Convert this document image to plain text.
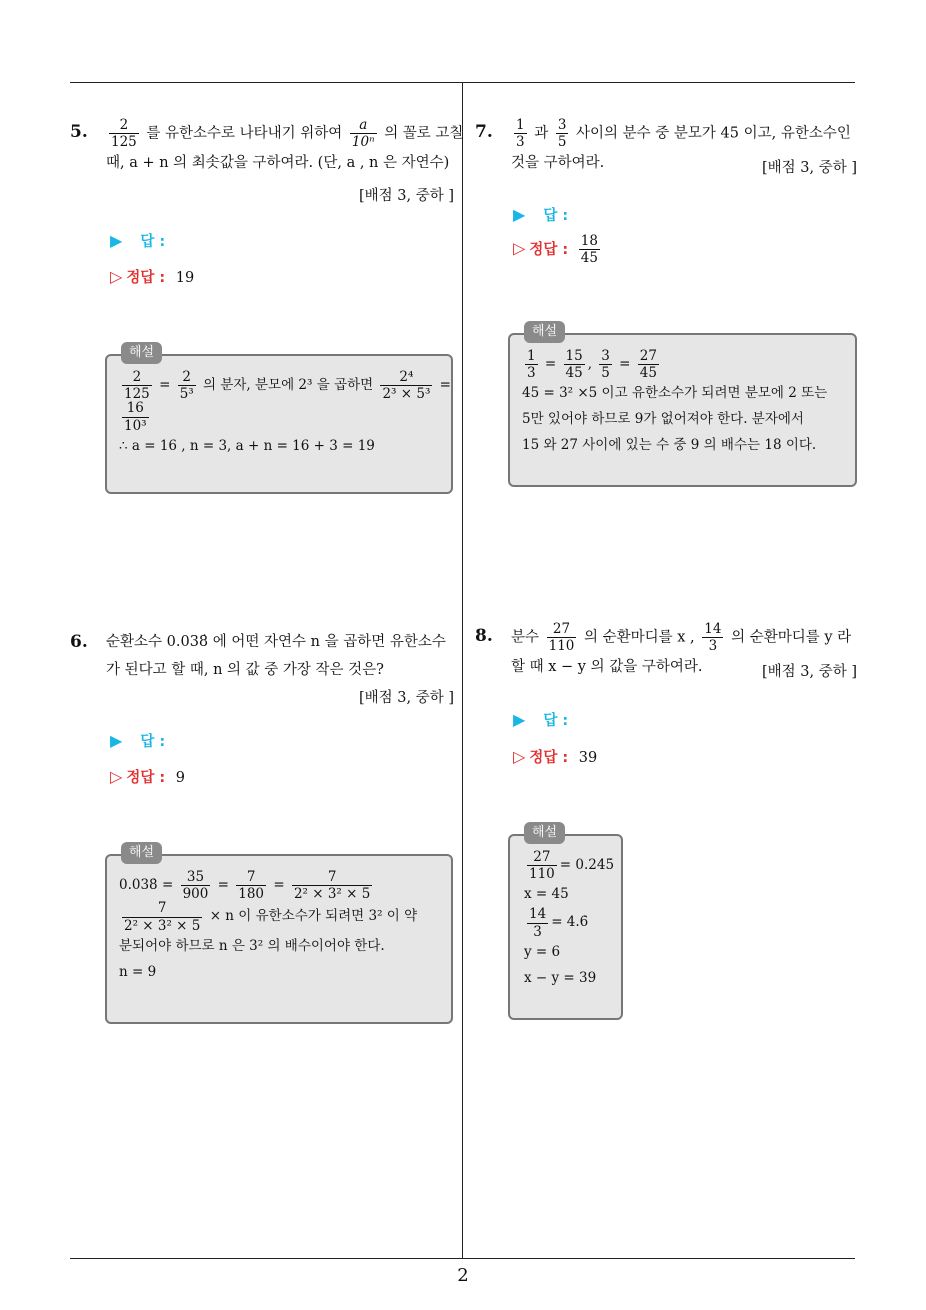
5. $\frac{2}{125}$ 를 유한소수로 나타내기 위하여 $\frac{a}{\text{10ⁿ}}$ 의 꼴로 고칠
때, a + n 의 최솟값을 구하여라. (단, a , n 은 자연수)
[배점 3, 중하 ]
▶ 답 :
▷ 정답 : 19
해설
$\frac{2}{125} = \frac{2}{\text{5³}}$ 의 분자, 분모에 2³ 을 곱하면 $\frac{\text{2⁴}}{\text{2³ × 5³}}$ =
$\frac{16}{\text{10³}}$
∴ a = 16 , n = 3, a + n = 16 + 3 = 19
6. 순환소수 0.038̇ 에 어떤 자연수 n 을 곱하면 유한소수
가 된다고 할 때, n 의 값 중 가장 작은 것은?
[배점 3, 중하 ]
▶ 답 :
▷ 정답 : 9
해설
0.038̇ = $\frac{35}{900} = \frac{7}{180} = \frac{7}{\text{2² × 3² × 5}}$
$\frac{7}{\text{2² × 3² × 5}} \times n$ 이 유한소수가 되려면 3² 이 약
분되어야 하므로 n 은 3² 의 배수이어야 한다.
n = 9
7. $\frac{1}{3}$ 과 $\frac{3}{5}$ 사이의 분수 중 분모가 45 이고, 유한소수인
것을 구하여라.	[배점 3, 중하 ]
▶ 답 :
▷ 정답 : $\frac{18}{45}$
해설
$\frac{1}{3} = \frac{15}{45}$ , $\frac{3}{5} = \frac{27}{45}$
45 = 3² ×5 이고 유한소수가 되려면 분모에 2 또는
5만 있어야 하므로 9가 없어져야 한다. 분자에서
15 와 27 사이에 있는 수 중 9 의 배수는 18 이다.
8. 분수 $\frac{27}{110}$ 의 순환마디를 x , $\frac{14}{3}$ 의 순환마디를 y 라
할 때 x − y 의 값을 구하여라.	[배점 3, 중하 ]
▶ 답 :
▷ 정답 : 39
해설
$\frac{27}{110}$ = 0.24̇5̇
x = 45
$\frac{14}{3}$ = 4.6̇
y = 6
x − y = 39
2
